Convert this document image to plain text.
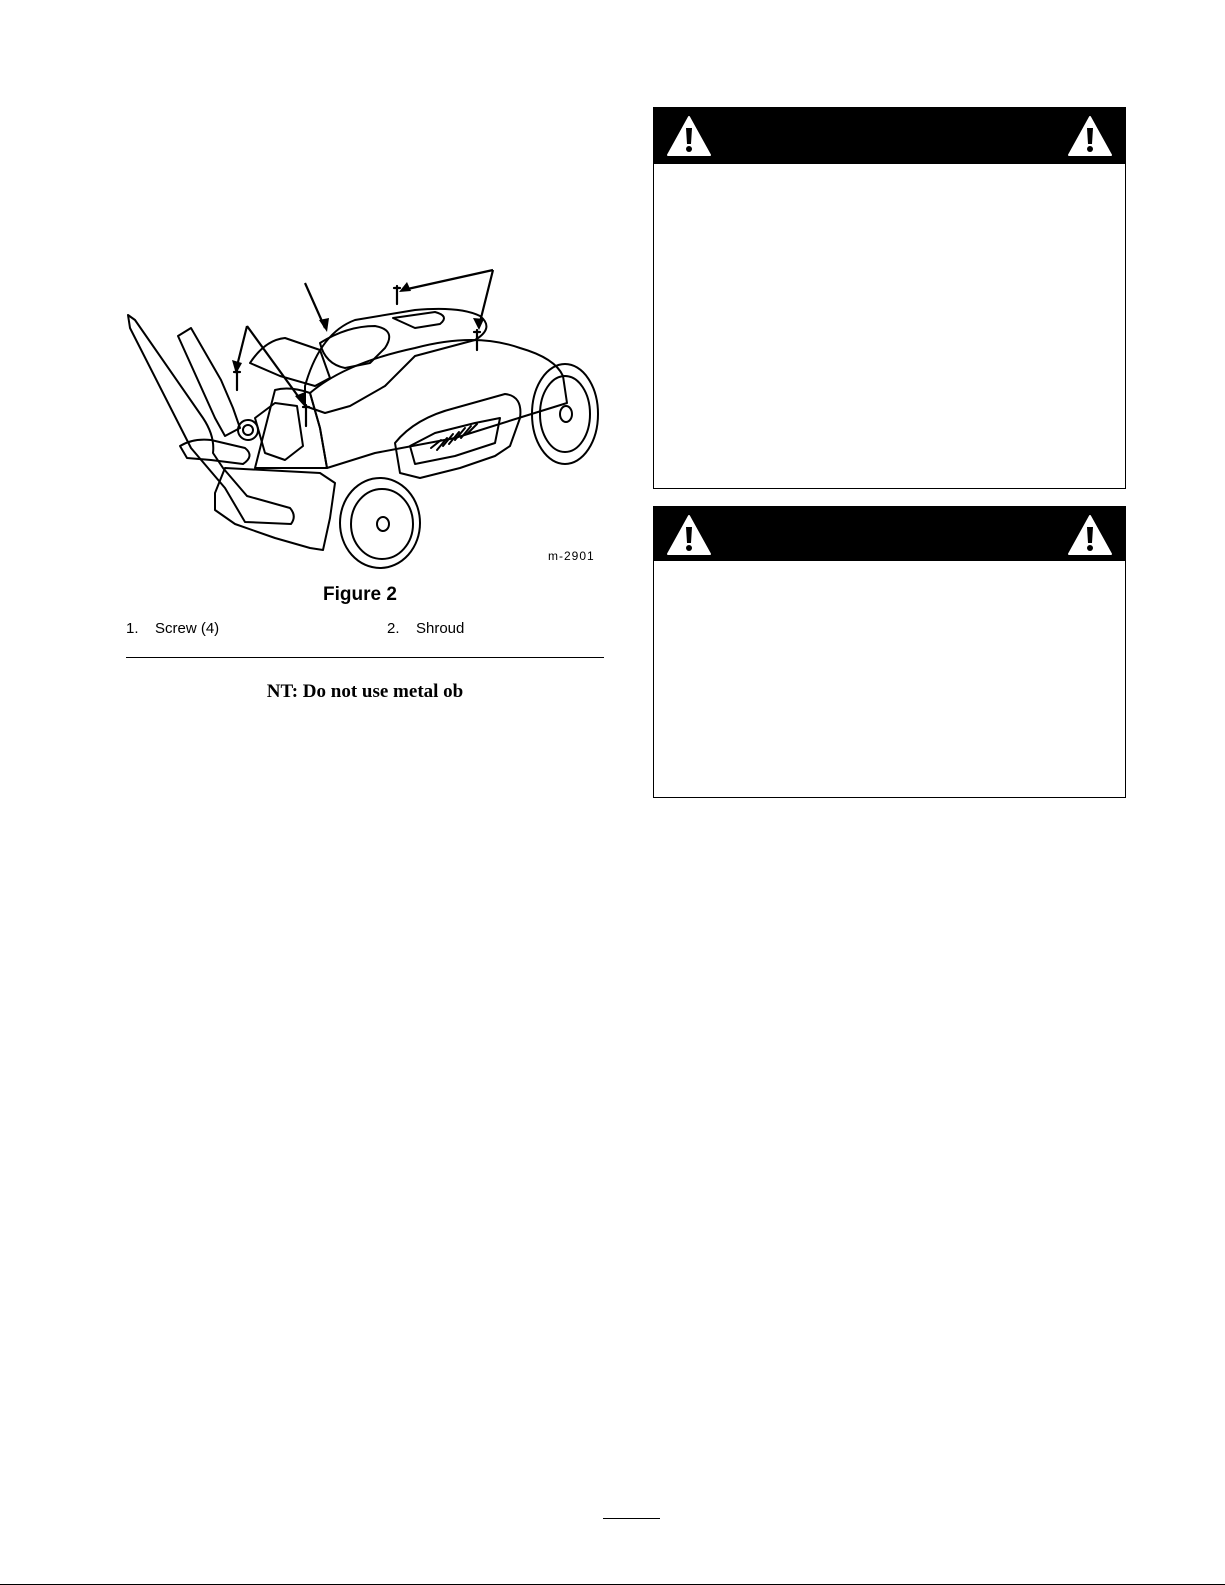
m-2901
Figure 2
1. Screw (4)	2. Shroud
NT: Do not use metal ob
